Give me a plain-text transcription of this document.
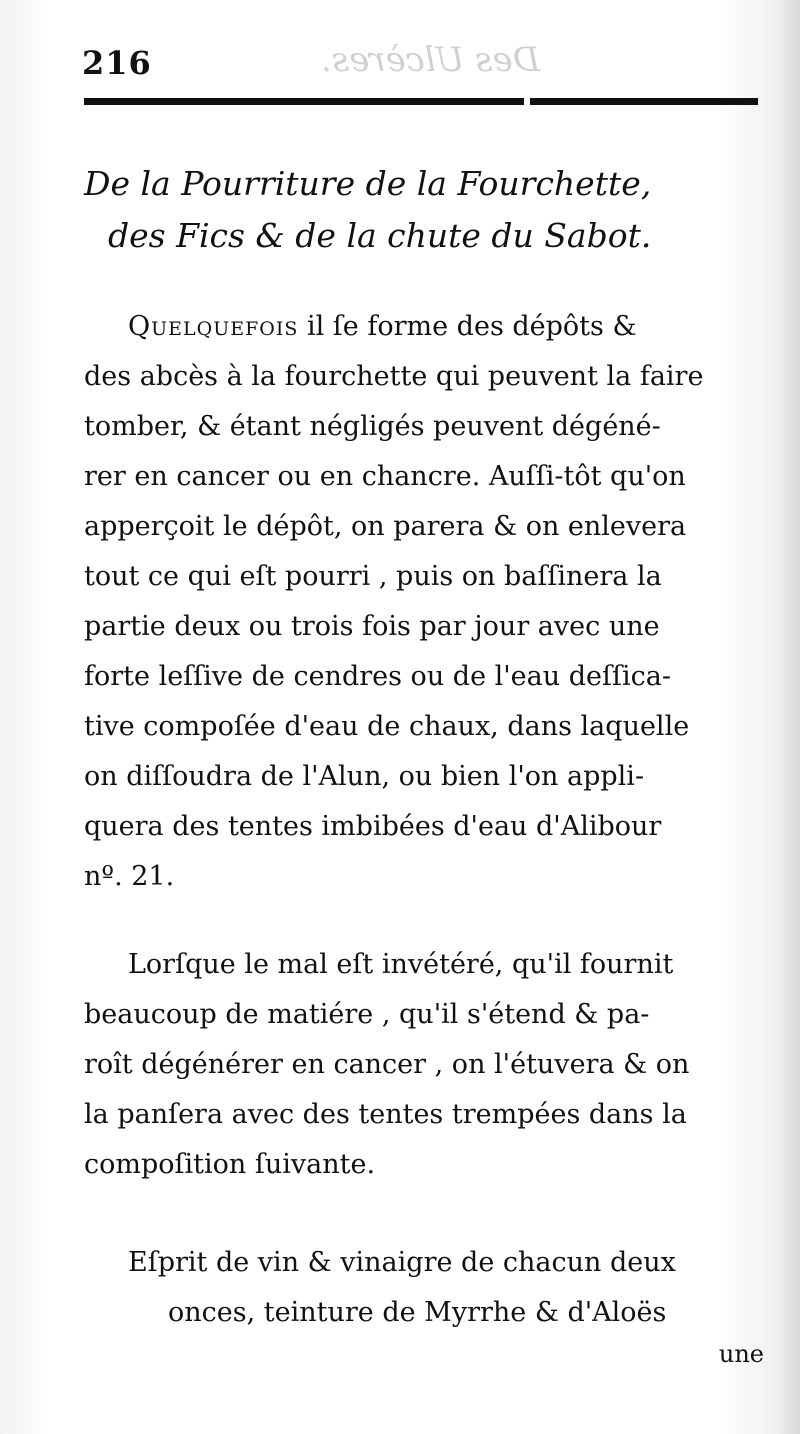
Des Ulcères.
216
De la Pourriture de la Fourchette,
des Fics & de la chute du Sabot.
Quelquefois il ſe forme des dépôts &
des abcès à la fourchette qui peuvent la faire
tomber, & étant négligés peuvent dégéné-
rer en cancer ou en chancre. Auſſi-tôt qu'on
apperçoit le dépôt, on parera & on enlevera
tout ce qui eſt pourri , puis on baſſinera la
partie deux ou trois fois par jour avec une
forte leſſive de cendres ou de l'eau deſſica-
tive compoſée d'eau de chaux, dans laquelle
on diſſoudra de l'Alun, ou bien l'on appli-
quera des tentes imbibées d'eau d'Alibour
nº. 21.
Lorſque le mal eſt invétéré, qu'il fournit
beaucoup de matiére , qu'il s'étend & pa-
roît dégénérer en cancer , on l'étuvera & on
la panſera avec des tentes trempées dans la
compoſition ſuivante.
Eſprit de vin & vinaigre de chacun deux
onces, teinture de Myrrhe & d'Aloës
une
